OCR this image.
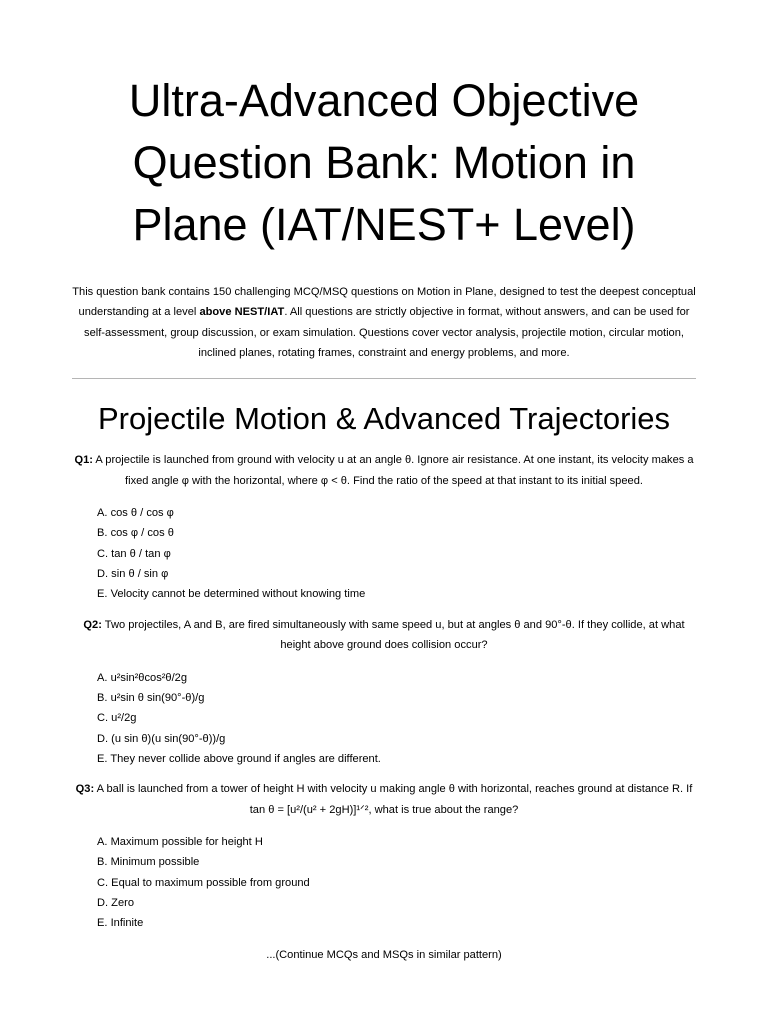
Ultra-Advanced Objective
Question Bank: Motion in
Plane (IAT/NEST+ Level)

This question bank contains 150 challenging MCQ/MSQ questions on Motion in Plane, designed to test the deepest conceptual understanding at a level above NEST/IAT. All questions are strictly objective in format, without answers, and can be used for self-assessment, group discussion, or exam simulation. Questions cover vector analysis, projectile motion, circular motion, inclined planes, rotating frames, constraint and energy problems, and more.

Projectile Motion & Advanced Trajectories

Q1: A projectile is launched from ground with velocity u at an angle θ. Ignore air resistance. At one instant, its velocity makes a fixed angle φ with the horizontal, where φ < θ. Find the ratio of the speed at that instant to its initial speed.

A. cos θ / cos φ
B. cos φ / cos θ
C. tan θ / tan φ
D. sin θ / sin φ
E. Velocity cannot be determined without knowing time

Q2: Two projectiles, A and B, are fired simultaneously with same speed u, but at angles θ and 90°-θ. If they collide, at what height above ground does collision occur?

A. u²sin²θcos²θ/2g
B. u²sin θ sin(90°-θ)/g
C. u²/2g
D. (u sin θ)(u sin(90°-θ))/g
E. They never collide above ground if angles are different.

Q3: A ball is launched from a tower of height H with velocity u making angle θ with horizontal, reaches ground at distance R. If tan θ = [u²/(u² + 2gH)]¹ᐟ², what is true about the range?

A. Maximum possible for height H
B. Minimum possible
C. Equal to maximum possible from ground
D. Zero
E. Infinite

...(Continue MCQs and MSQs in similar pattern)
